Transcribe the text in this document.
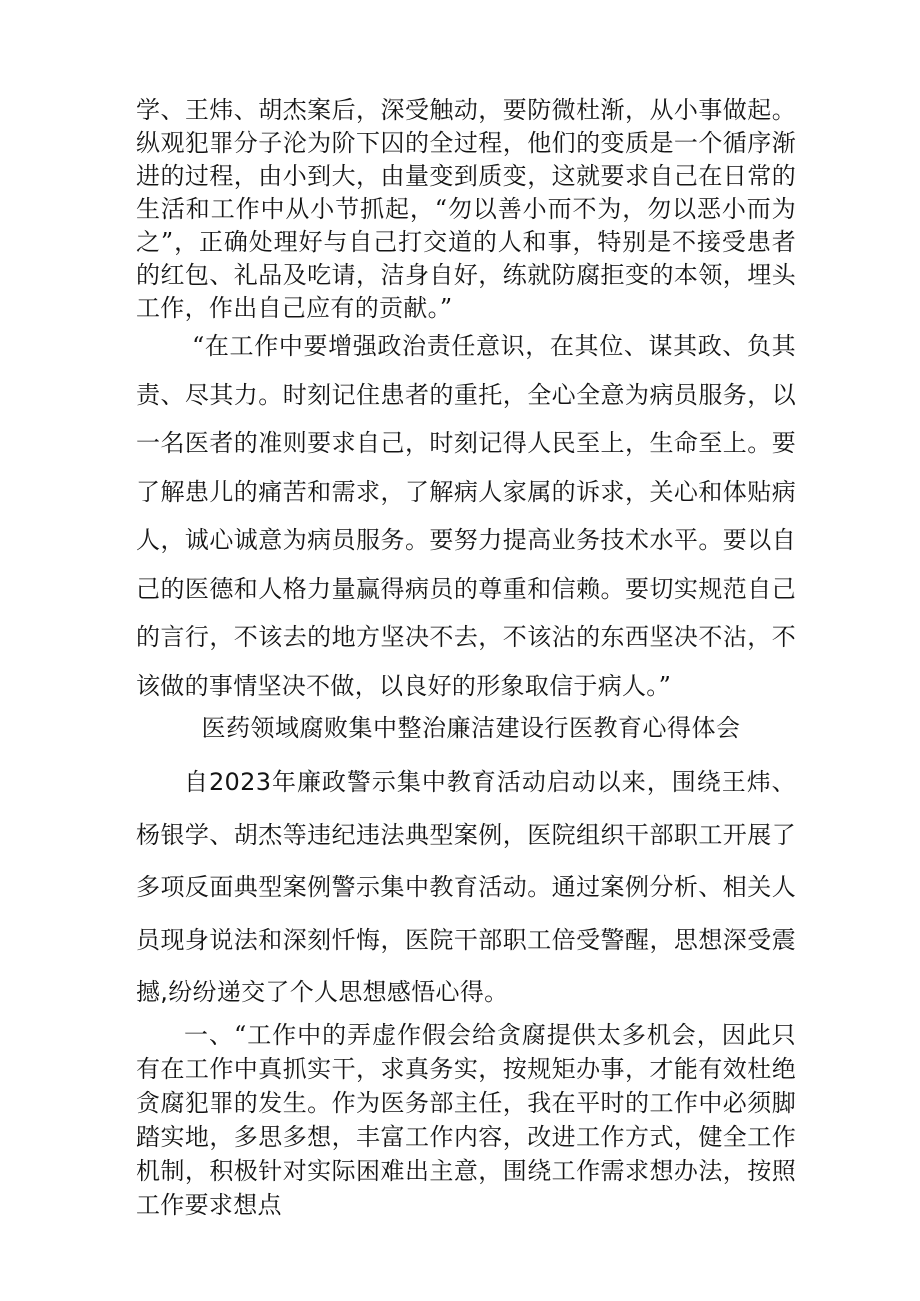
学、王炜、胡杰案后，深受触动，要防微杜渐，从小事做起。纵观犯罪分子沦为阶下囚的全过程，他们的变质是一个循序渐进的过程，由小到大，由量变到质变，这就要求自己在日常的生活和工作中从小节抓起，“勿以善小而不为，勿以恶小而为之”，正确处理好与自己打交道的人和事，特别是不接受患者的红包、礼品及吃请，洁身自好，练就防腐拒变的本领，埋头工作，作出自己应有的贡献。”

“在工作中要增强政治责任意识，在其位、谋其政、负其责、尽其力。时刻记住患者的重托，全心全意为病员服务，以一名医者的准则要求自己，时刻记得人民至上，生命至上。要了解患儿的痛苦和需求，了解病人家属的诉求，关心和体贴病人，诚心诚意为病员服务。要努力提高业务技术水平。要以自己的医德和人格力量赢得病员的尊重和信赖。要切实规范自己的言行，不该去的地方坚决不去，不该沾的东西坚决不沾，不该做的事情坚决不做，以良好的形象取信于病人。”

医药领域腐败集中整治廉洁建设行医教育心得体会

自2023年廉政警示集中教育活动启动以来，围绕王炜、杨银学、胡杰等违纪违法典型案例，医院组织干部职工开展了多项反面典型案例警示集中教育活动。通过案例分析、相关人员现身说法和深刻忏悔，医院干部职工倍受警醒，思想深受震撼,纷纷递交了个人思想感悟心得。

一、“工作中的弄虚作假会给贪腐提供太多机会，因此只有在工作中真抓实干，求真务实，按规矩办事，才能有效杜绝贪腐犯罪的发生。作为医务部主任，我在平时的工作中必须脚踏实地，多思多想，丰富工作内容，改进工作方式，健全工作机制，积极针对实际困难出主意，围绕工作需求想办法，按照工作要求想点
